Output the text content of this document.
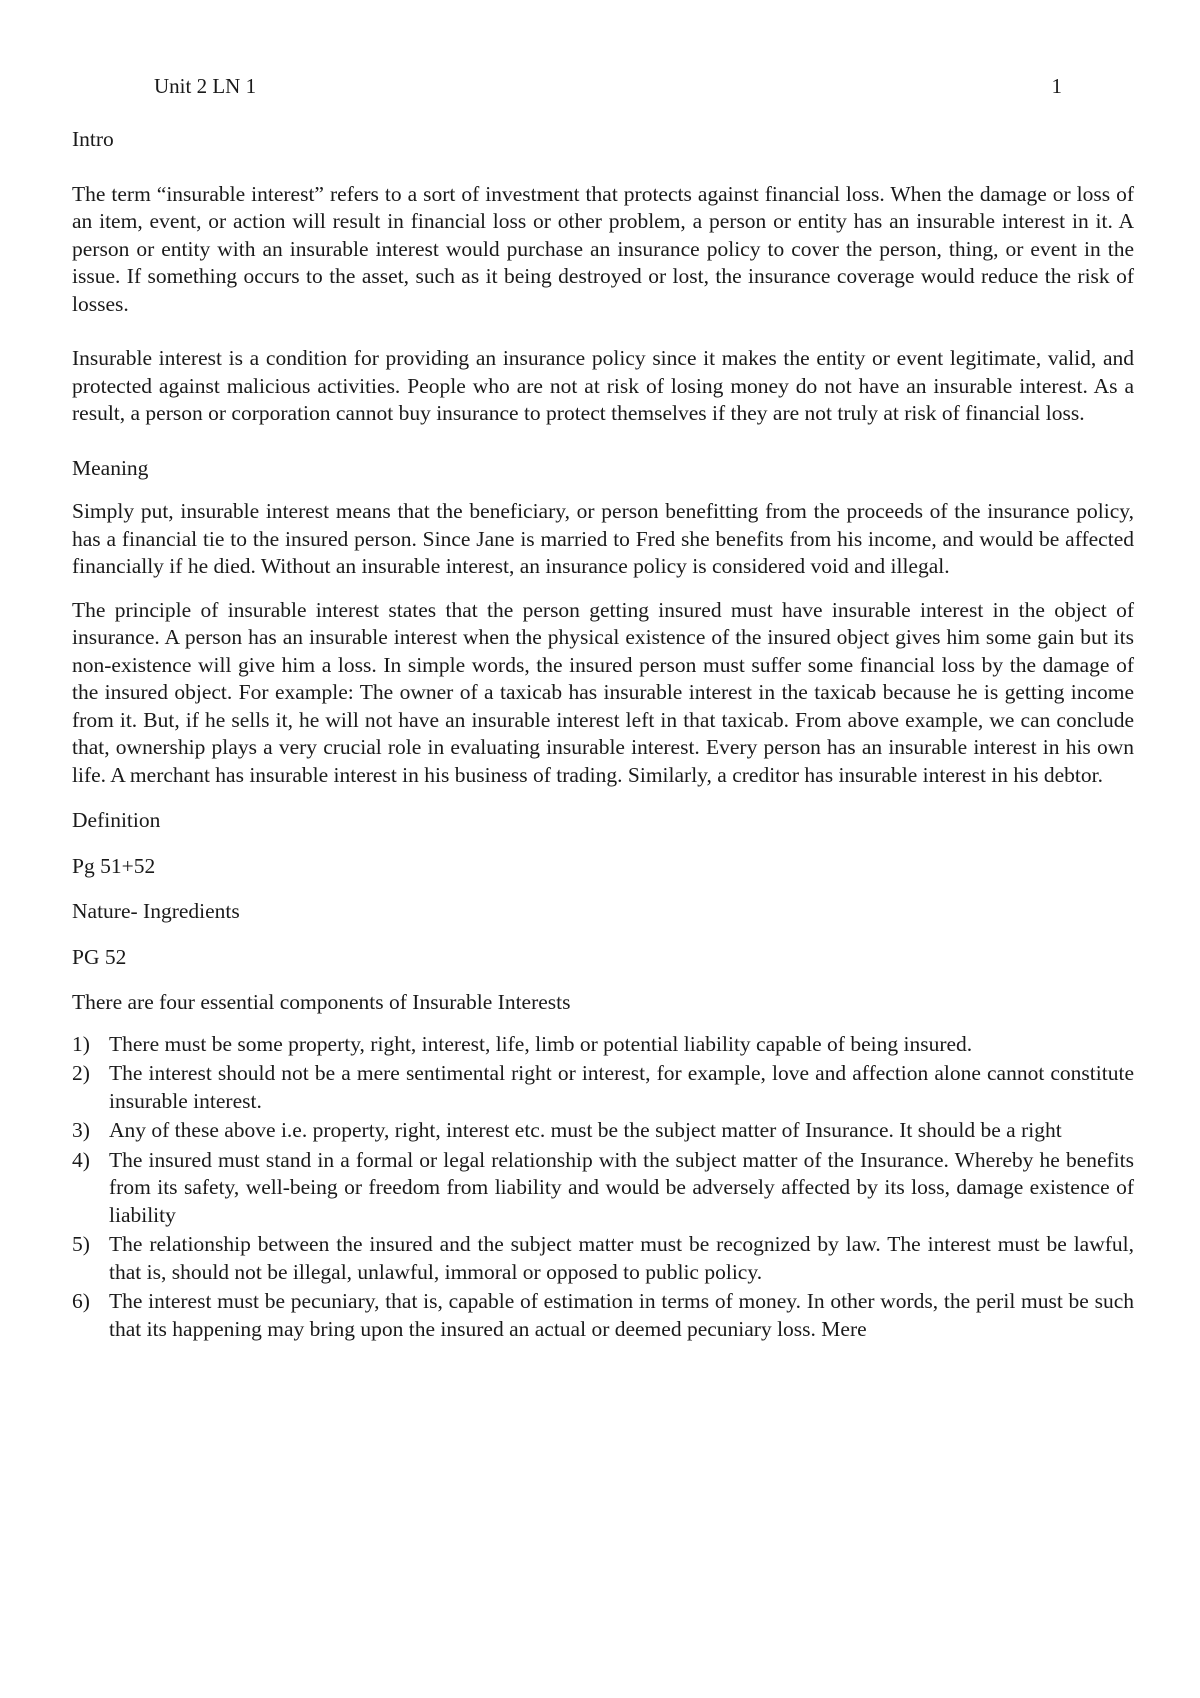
Unit 2 LN 1	1

Intro

The term “insurable interest” refers to a sort of investment that protects against financial loss. When the damage or loss of an item, event, or action will result in financial loss or other problem, a person or entity has an insurable interest in it. A person or entity with an insurable interest would purchase an insurance policy to cover the person, thing, or event in the issue. If something occurs to the asset, such as it being destroyed or lost, the insurance coverage would reduce the risk of losses.

Insurable interest is a condition for providing an insurance policy since it makes the entity or event legitimate, valid, and protected against malicious activities. People who are not at risk of losing money do not have an insurable interest. As a result, a person or corporation cannot buy insurance to protect themselves if they are not truly at risk of financial loss.

Meaning

Simply put, insurable interest means that the beneficiary, or person benefitting from the proceeds of the insurance policy, has a financial tie to the insured person. Since Jane is married to Fred she benefits from his income, and would be affected financially if he died. Without an insurable interest, an insurance policy is considered void and illegal.

The principle of insurable interest states that the person getting insured must have insurable interest in the object of insurance. A person has an insurable interest when the physical existence of the insured object gives him some gain but its non-existence will give him a loss. In simple words, the insured person must suffer some financial loss by the damage of the insured object. For example: The owner of a taxicab has insurable interest in the taxicab because he is getting income from it. But, if he sells it, he will not have an insurable interest left in that taxicab. From above example, we can conclude that, ownership plays a very crucial role in evaluating insurable interest. Every person has an insurable interest in his own life. A merchant has insurable interest in his business of trading. Similarly, a creditor has insurable interest in his debtor.

Definition

Pg 51+52

Nature- Ingredients

PG 52

There are four essential components of Insurable Interests

1) There must be some property, right, interest, life, limb or potential liability capable of being insured.
2) The interest should not be a mere sentimental right or interest, for example, love and affection alone cannot constitute insurable interest.
3) Any of these above i.e. property, right, interest etc. must be the subject matter of Insurance. It should be a right
4) The insured must stand in a formal or legal relationship with the subject matter of the Insurance. Whereby he benefits from its safety, well-being or freedom from liability and would be adversely affected by its loss, damage existence of liability
5) The relationship between the insured and the subject matter must be recognized by law. The interest must be lawful, that is, should not be illegal, unlawful, immoral or opposed to public policy.
6) The interest must be pecuniary, that is, capable of estimation in terms of money. In other words, the peril must be such that its happening may bring upon the insured an actual or deemed pecuniary loss. Mere
